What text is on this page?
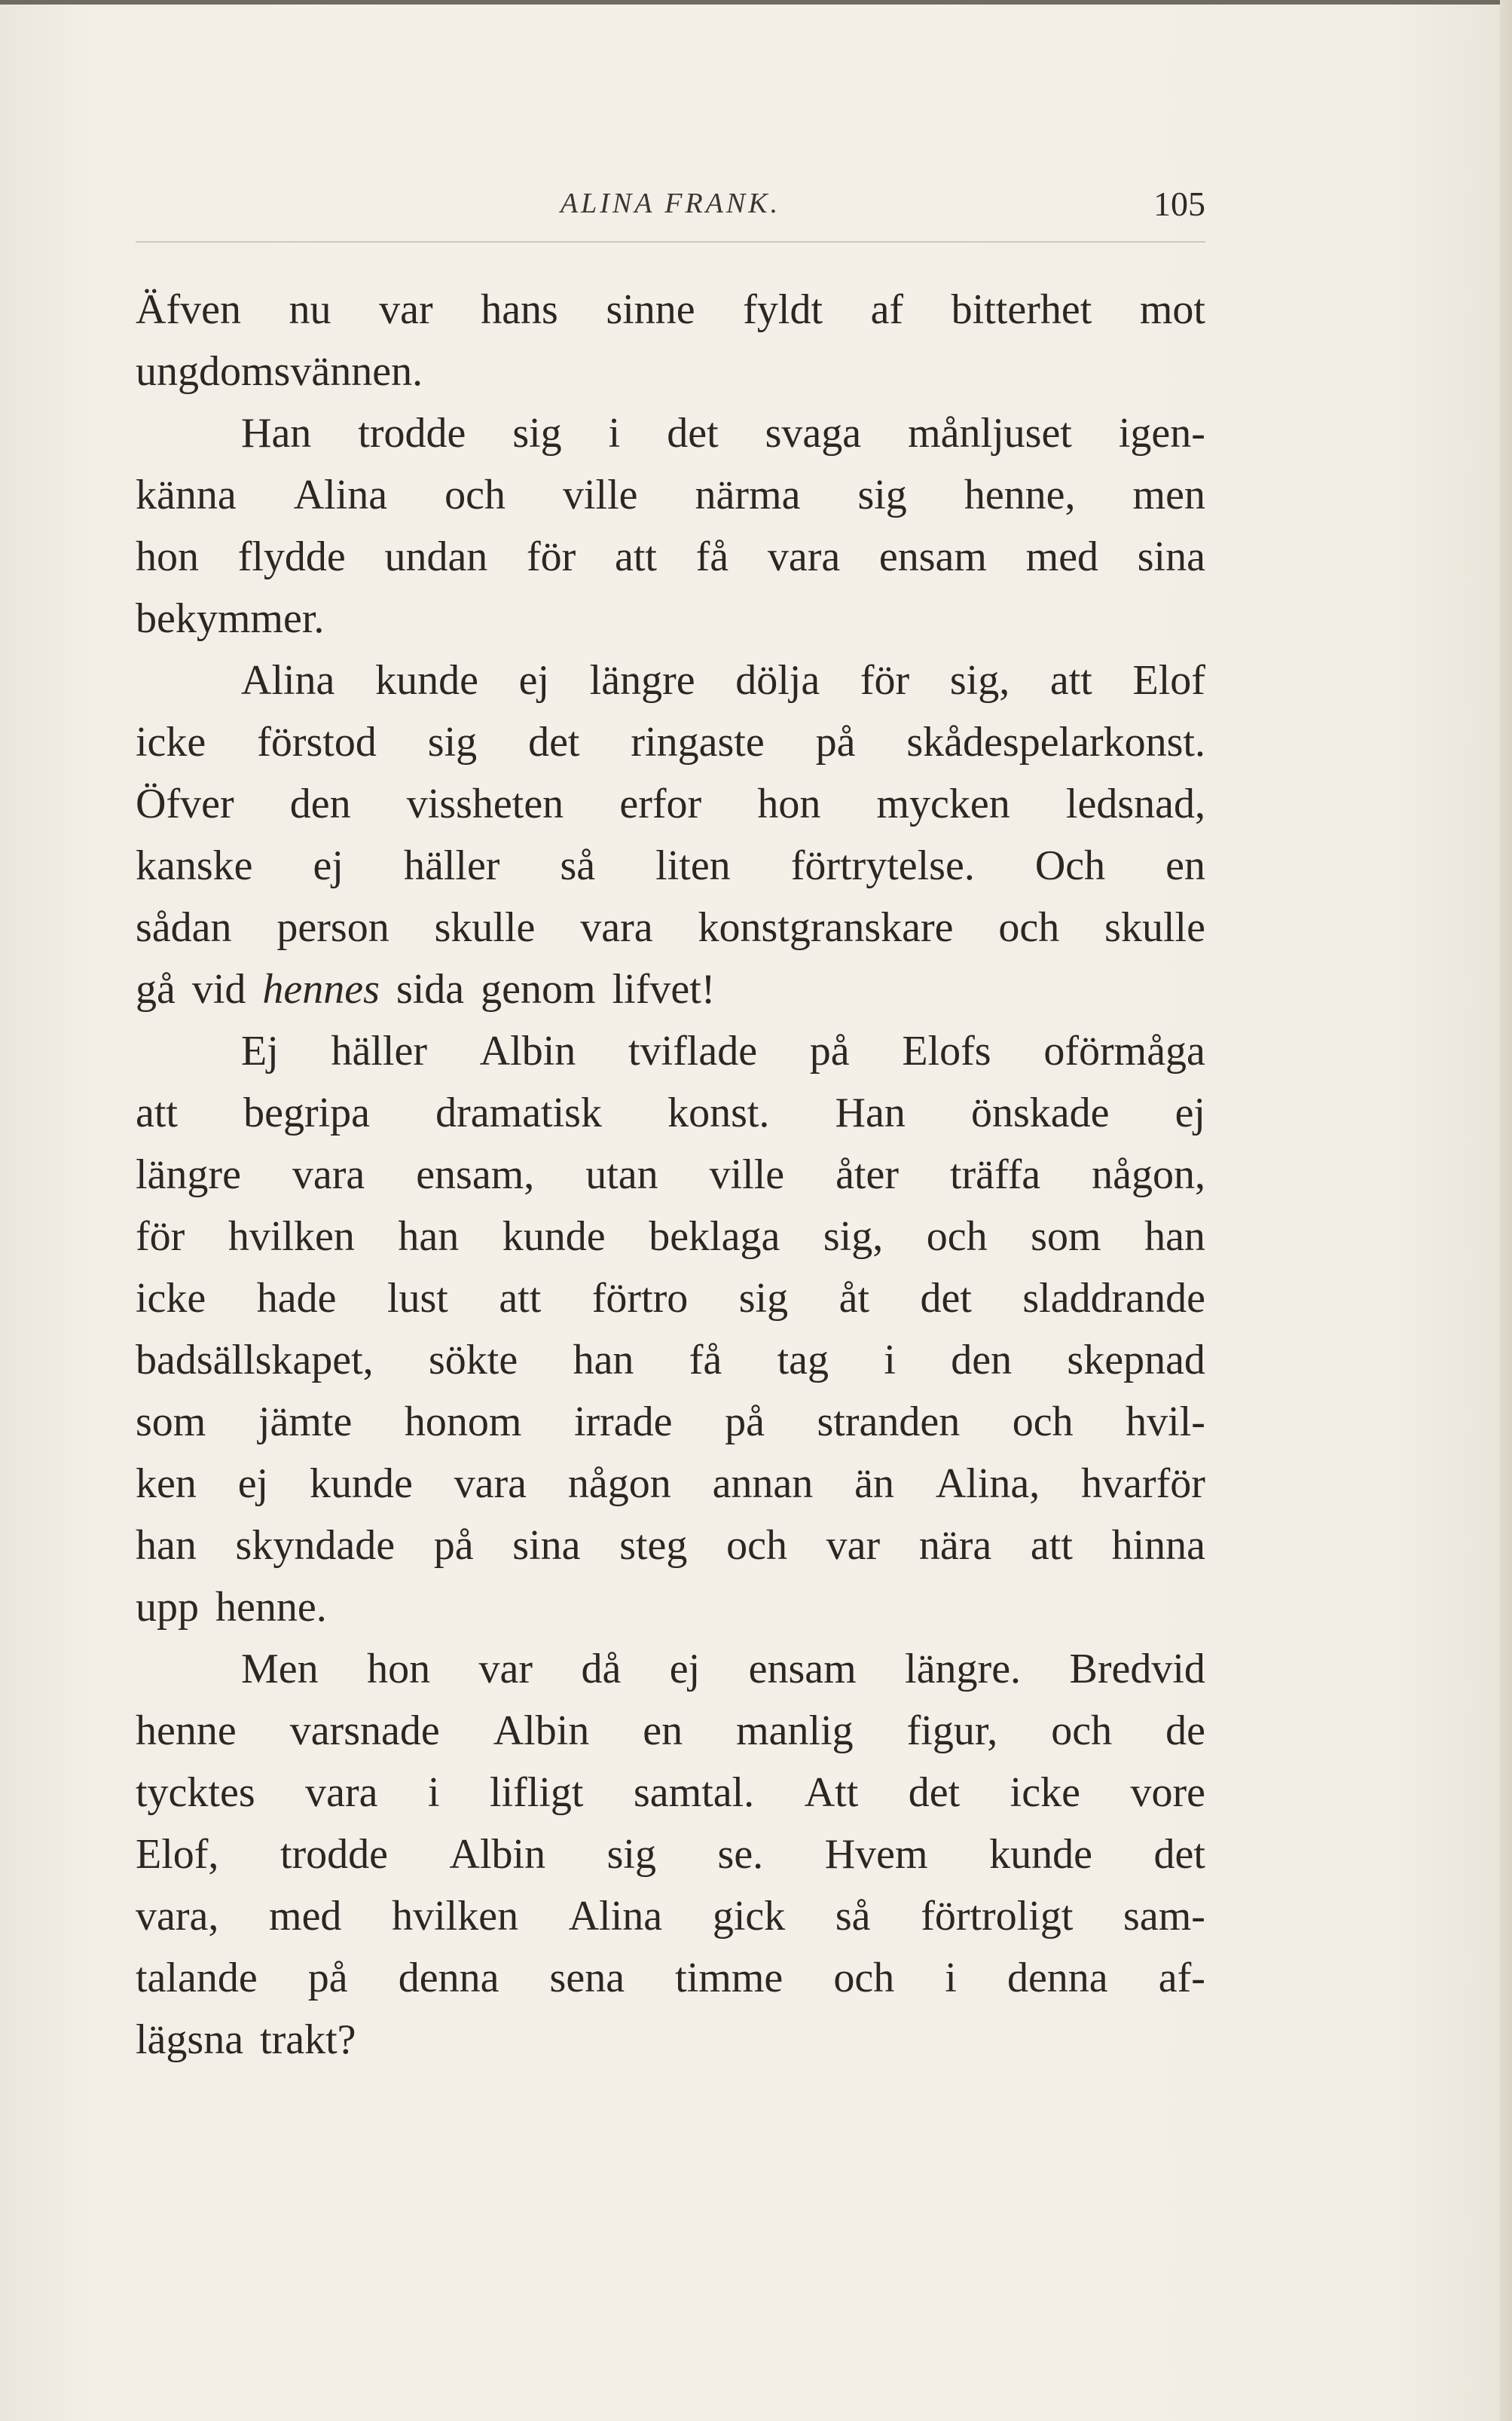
ALINA FRANK.	105
Äfven nu var hans sinne fyldt af bitterhet mot
ungdomsvännen.
Han trodde sig i det svaga månljuset igen-
känna Alina och ville närma sig henne, men
hon flydde undan för att få vara ensam med sina
bekymmer.
Alina kunde ej längre dölja för sig, att Elof
icke förstod sig det ringaste på skådespelarkonst.
Öfver den vissheten erfor hon mycken ledsnad,
kanske ej häller så liten förtrytelse. Och en
sådan person skulle vara konstgranskare och skulle
gå vid hennes sida genom lifvet!
Ej häller Albin tviflade på Elofs oförmåga
att begripa dramatisk konst. Han önskade ej
längre vara ensam, utan ville åter träffa någon,
för hvilken han kunde beklaga sig, och som han
icke hade lust att förtro sig åt det sladdrande
badsällskapet, sökte han få tag i den skepnad
som jämte honom irrade på stranden och hvil-
ken ej kunde vara någon annan än Alina, hvarför
han skyndade på sina steg och var nära att hinna
upp henne.
Men hon var då ej ensam längre. Bredvid
henne varsnade Albin en manlig figur, och de
tycktes vara i lifligt samtal. Att det icke vore
Elof, trodde Albin sig se. Hvem kunde det
vara, med hvilken Alina gick så förtroligt sam-
talande på denna sena timme och i denna af-
lägsna trakt?
